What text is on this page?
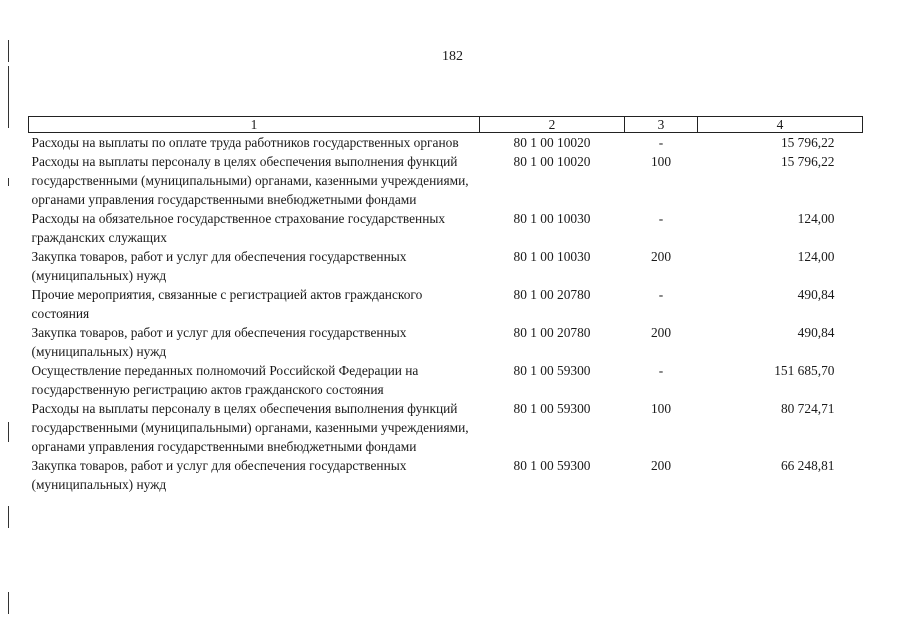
182
1	2	3	4
Расходы на выплаты по оплате труда работников государственных органов	80 1 00 10020	-	15 796,22
Расходы на выплаты персоналу в целях обеспечения выполнения функций государственными (муниципальными) органами, казенными учреждениями, органами управления государственными внебюджетными фондами	80 1 00 10020	100	15 796,22
Расходы на обязательное государственное страхование государственных гражданских служащих	80 1 00 10030	-	124,00
Закупка товаров, работ и услуг для обеспечения государственных (муниципальных) нужд	80 1 00 10030	200	124,00
Прочие мероприятия, связанные с регистрацией актов гражданского состояния	80 1 00 20780	-	490,84
Закупка товаров, работ и услуг для обеспечения государственных (муниципальных) нужд	80 1 00 20780	200	490,84
Осуществление переданных полномочий Российской Федерации на государственную регистрацию актов гражданского состояния	80 1 00 59300	-	151 685,70
Расходы на выплаты персоналу в целях обеспечения выполнения функций государственными (муниципальными) органами, казенными учреждениями, органами управления государственными внебюджетными фондами	80 1 00 59300	100	80 724,71
Закупка товаров, работ и услуг для обеспечения государственных (муниципальных) нужд	80 1 00 59300	200	66 248,81
